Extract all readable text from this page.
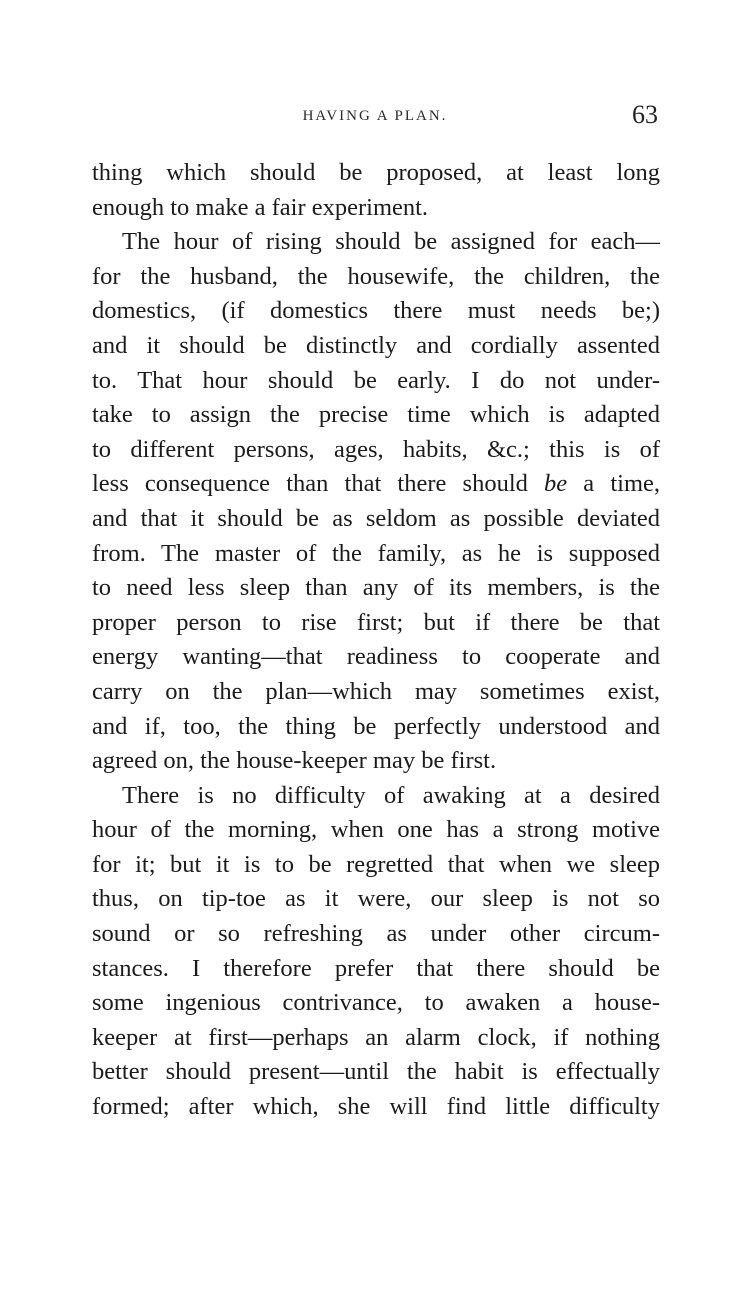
HAVING A PLAN.	63
thing which should be proposed, at least long
enough to make a fair experiment.
The hour of rising should be assigned for each—
for the husband, the housewife, the children, the
domestics, (if domestics there must needs be;)
and it should be distinctly and cordially assented
to. That hour should be early. I do not under-
take to assign the precise time which is adapted
to different persons, ages, habits, &c.; this is of
less consequence than that there should be a time,
and that it should be as seldom as possible deviated
from. The master of the family, as he is supposed
to need less sleep than any of its members, is the
proper person to rise first; but if there be that
energy wanting—that readiness to cooperate and
carry on the plan—which may sometimes exist,
and if, too, the thing be perfectly understood and
agreed on, the house-keeper may be first.
There is no difficulty of awaking at a desired
hour of the morning, when one has a strong motive
for it; but it is to be regretted that when we sleep
thus, on tip-toe as it were, our sleep is not so
sound or so refreshing as under other circum-
stances. I therefore prefer that there should be
some ingenious contrivance, to awaken a house-
keeper at first—perhaps an alarm clock, if nothing
better should present—until the habit is effectually
formed; after which, she will find little difficulty
